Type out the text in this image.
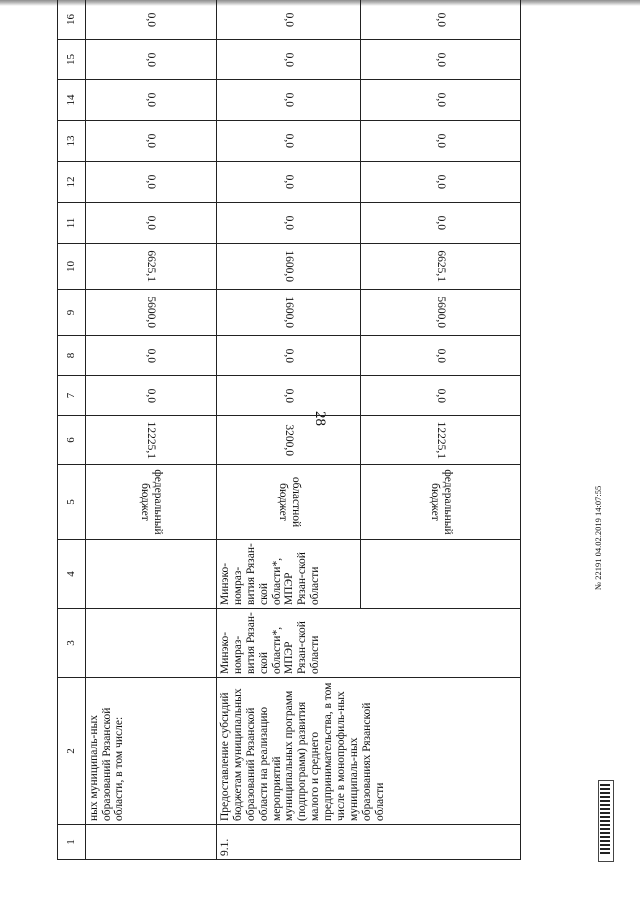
28
1	2	3	4	5	6	7	8	9	10	11	12	13	14	15	16	
	ных муниципаль-ных образований Рязанской области, в том числе:			федеральный бюджет	12225,1	0,0	0,0	5600,0	6625,1	0,0	0,0	0,0	0,0	0,0	0,0	
9.1.	Предоставление субсидий бюджетам муниципальных образований Рязанской области на реализацию мероприятий муниципальных программ (подпрограмм) развития малого и среднего предпринимательства, в том числе в монопрофиль-ных муниципаль-ных образованиях Рязанской области	Минэко-номраз-вития Рязан-ской области*, МПЭР Рязан-ской области	Минэко-номраз-вития Рязан-ской области*, МПЭР Рязан-ской области	областной бюджет	3200,0	0,0	0,0	1600,0	1600,0	0,0	0,0	0,0	0,0	0,0	0,0	
				федеральный бюджет	12225,1	0,0	0,0	5600,0	6625,1	0,0	0,0	0,0	0,0	0,0	0,0	
№ 22191 04.02.2019 14:07:55
